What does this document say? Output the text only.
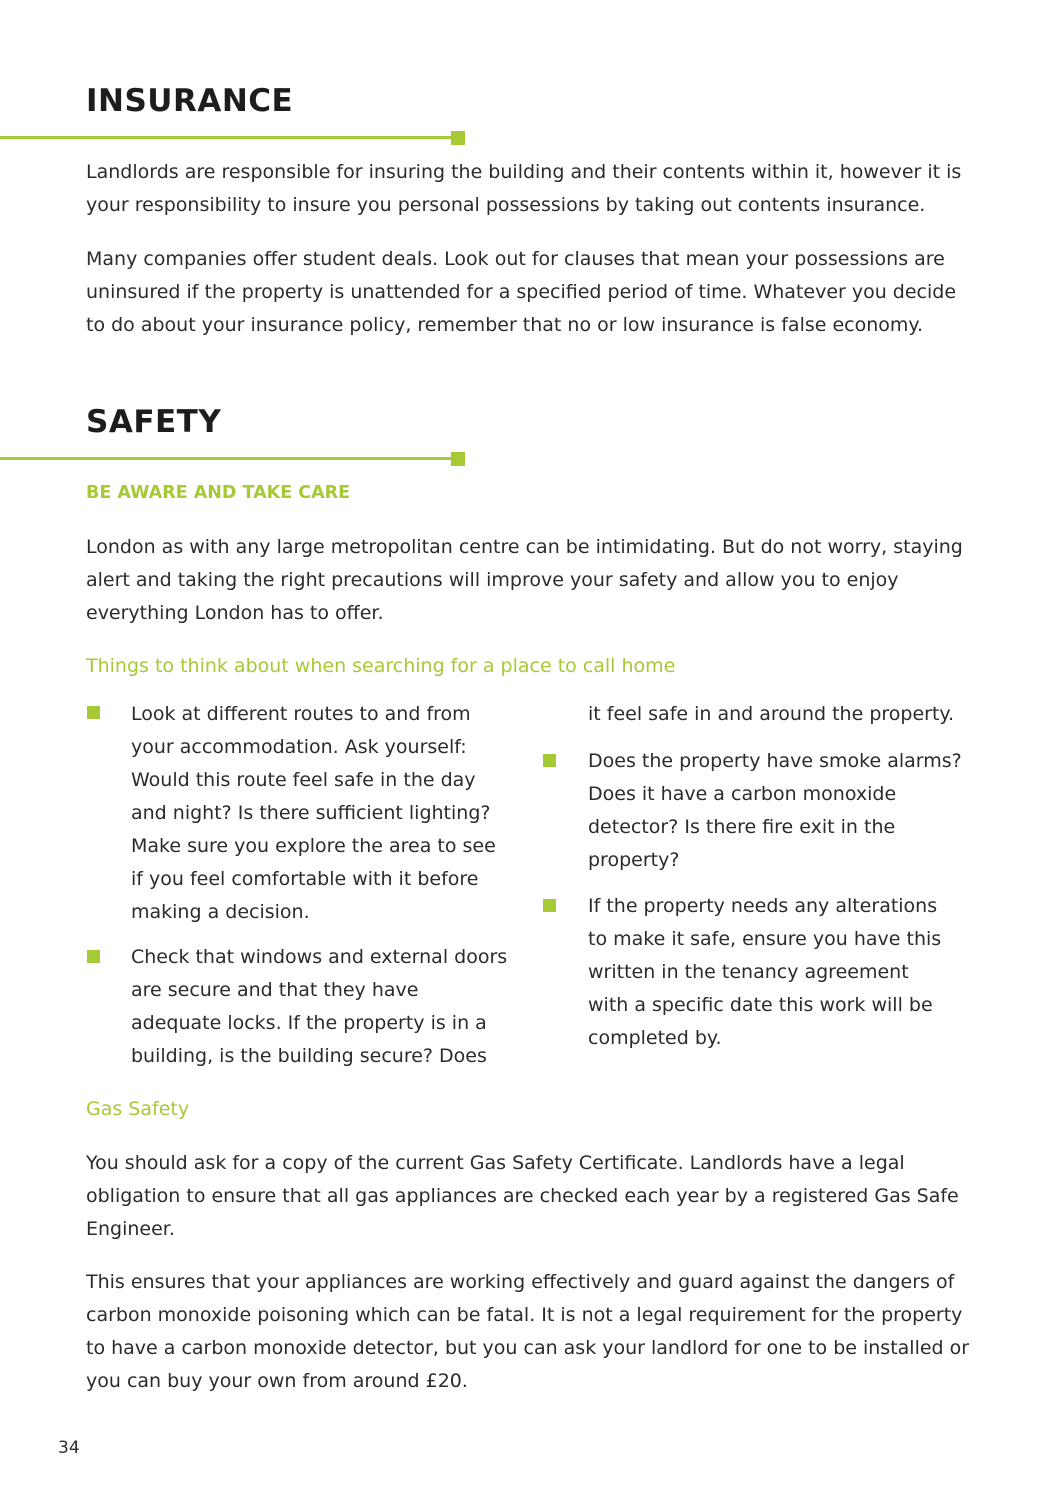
INSURANCE

Landlords are responsible for insuring the building and their contents within it, however it is your responsibility to insure you personal possessions by taking out contents insurance.

Many companies offer student deals. Look out for clauses that mean your possessions are uninsured if the property is unattended for a specified period of time. Whatever you decide to do about your insurance policy, remember that no or low insurance is false economy.

SAFETY
BE AWARE AND TAKE CARE

London as with any large metropolitan centre can be intimidating. But do not worry, staying alert and taking the right precautions will improve your safety and allow you to enjoy everything London has to offer.

Things to think about when searching for a place to call home

Look at different routes to and from your accommodation. Ask yourself: Would this route feel safe in the day and night? Is there sufficient lighting? Make sure you explore the area to see if you feel comfortable with it before making a decision.

Check that windows and external doors are secure and that they have adequate locks. If the property is in a building, is the building secure? Does

it feel safe in and around the property.

Does the property have smoke alarms? Does it have a carbon monoxide detector? Is there fire exit in the property?

If the property needs any alterations to make it safe, ensure you have this written in the tenancy agreement with a specific date this work will be completed by.

Gas Safety

You should ask for a copy of the current Gas Safety Certificate. Landlords have a legal obligation to ensure that all gas appliances are checked each year by a registered Gas Safe Engineer.

This ensures that your appliances are working effectively and guard against the dangers of carbon monoxide poisoning which can be fatal. It is not a legal requirement for the property to have a carbon monoxide detector, but you can ask your landlord for one to be installed or you can buy your own from around £20.

34
